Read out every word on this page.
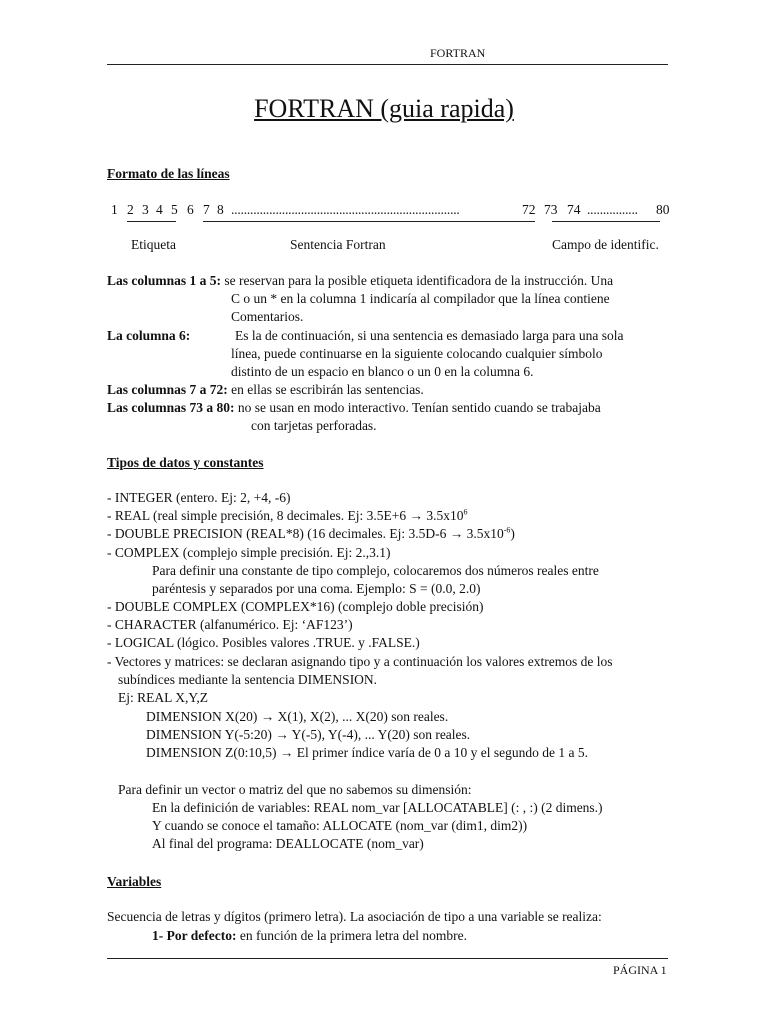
FORTRAN
FORTRAN (guia rapida)
Formato de las líneas
1 2 3 4 5 6 7 8 ........................................................................	72 73 74 ................ 80
Etiqueta	Sentencia Fortran	Campo de identific.
Las columnas 1 a 5: se reservan para la posible etiqueta identificadora de la instrucción. Una
C o un * en la columna 1 indicaría al compilador que la línea contiene
Comentarios.
La columna 6:	Es la de continuación, si una sentencia es demasiado larga para una sola
línea, puede continuarse en la siguiente colocando cualquier símbolo
distinto de un espacio en blanco o un 0 en la columna 6.
Las columnas 7 a 72: en ellas se escribirán las sentencias.
Las columnas 73 a 80: no se usan en modo interactivo. Tenían sentido cuando se trabajaba
con tarjetas perforadas.
Tipos de datos y constantes
- INTEGER (entero. Ej: 2, +4, -6)
- REAL (real simple precisión, 8 decimales. Ej: $3.5E+6 \to 3.5x10^6$
- DOUBLE PRECISION (REAL*8) (16 decimales. Ej: $3.5D-6 \to 3.5x10^{-6}$)
- COMPLEX (complejo simple precisión. Ej: 2.,3.1)
Para definir una constante de tipo complejo, colocaremos dos números reales entre
paréntesis y separados por una coma. Ejemplo: S = (0.0, 2.0)
- DOUBLE COMPLEX (COMPLEX*16) (complejo doble precisión)
- CHARACTER (alfanumérico. Ej: ‘AF123’)
- LOGICAL (lógico. Posibles valores .TRUE. y .FALSE.)
- Vectores y matrices: se declaran asignando tipo y a continuación los valores extremos de los
subíndices mediante la sentencia DIMENSION.
Ej: REAL X,Y,Z
DIMENSION X(20) → X(1), X(2), ... X(20) son reales.
DIMENSION Y(-5:20) → Y(-5), Y(-4), ... Y(20) son reales.
DIMENSION Z(0:10,5) → El primer índice varía de 0 a 10 y el segundo de 1 a 5.
Para definir un vector o matriz del que no sabemos su dimensión:
En la definición de variables: REAL nom_var [ALLOCATABLE] (: , :) (2 dimens.)
Y cuando se conoce el tamaño: ALLOCATE (nom_var (dim1, dim2))
Al final del programa: DEALLOCATE (nom_var)
Variables
Secuencia de letras y dígitos (primero letra). La asociación de tipo a una variable se realiza:
1- Por defecto: en función de la primera letra del nombre.
PÁGINA 1
